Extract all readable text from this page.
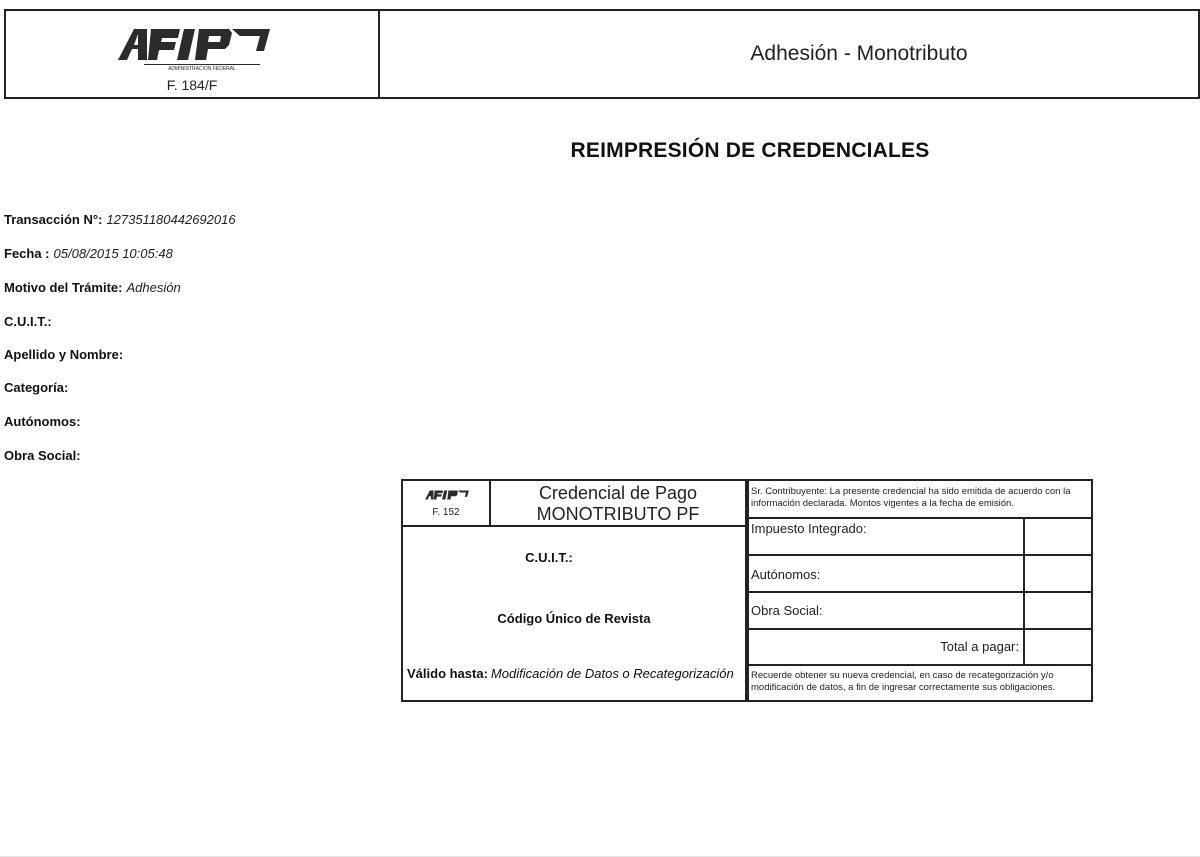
ADMINISTRACION FEDERAL
F. 184/F
Adhesión - Monotributo
REIMPRESIÓN DE CREDENCIALES
Transacción N°: 127351180442692016
Fecha : 05/08/2015 10:05:48
Motivo del Trámite: Adhesión
C.U.I.T.:
Apellido y Nombre:
Categoría:
Autónomos:
Obra Social:
F. 152
Credencial de Pago
MONOTRIBUTO PF
C.U.I.T.:
Código Único de Revista
Válido hasta: Modificación de Datos o Recategorización
Sr. Contribuyente: La presente credencial ha sido emitida de acuerdo con la información declarada. Montos vigentes a la fecha de emisión.
Impuesto Integrado:
Autónomos:
Obra Social:
Total a pagar:
Recuerde obtener su nueva credencial, en caso de recategorización y/o modificación de datos, a fin de ingresar correctamente sus obligaciones.
